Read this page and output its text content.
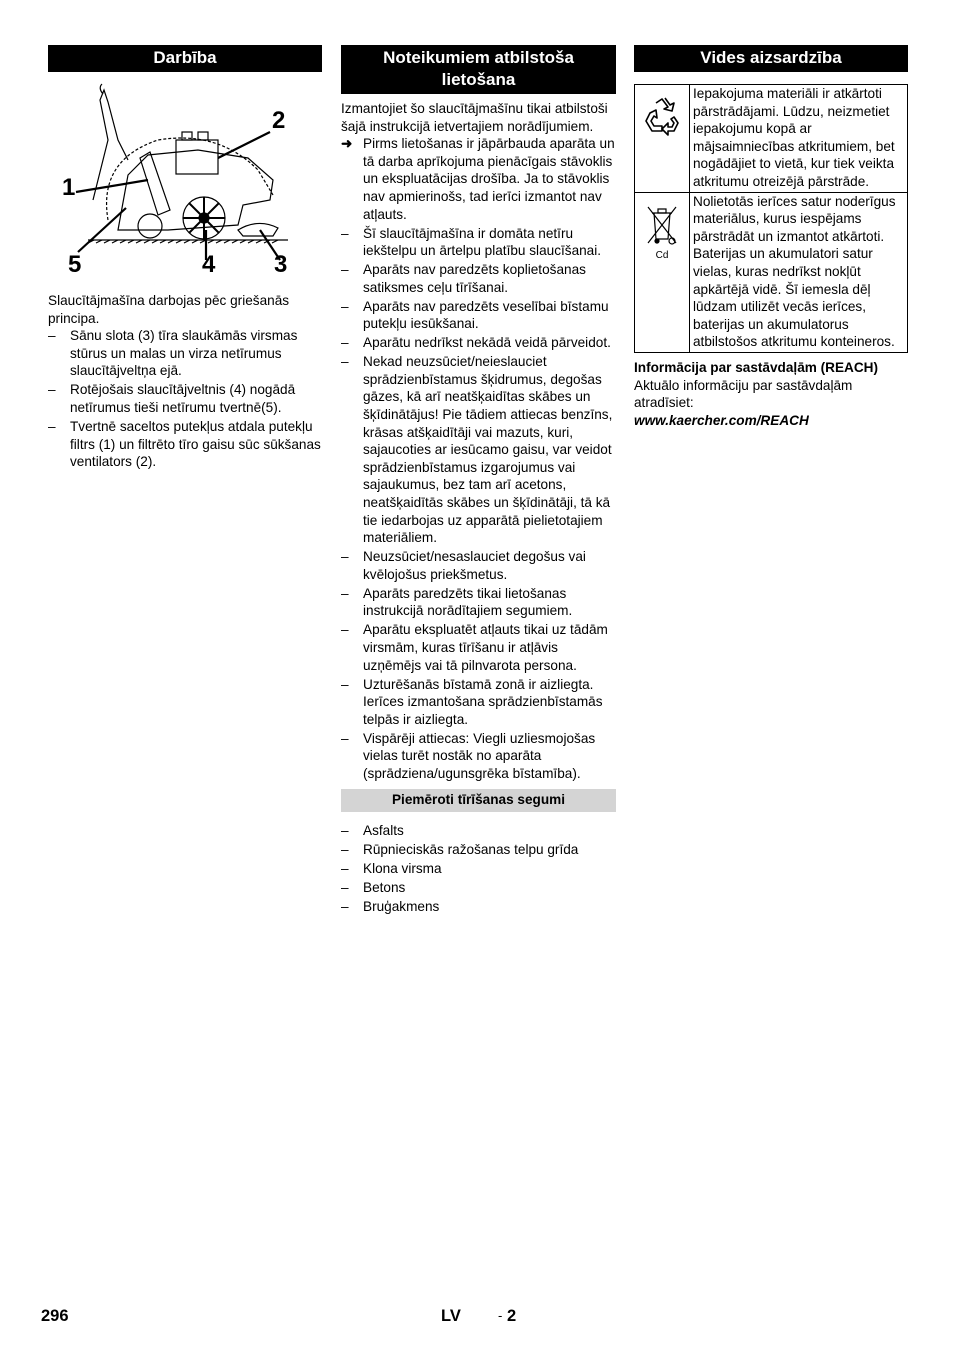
Darbība
1
2
3
4
5

Slaucītājmašīna darbojas pēc griešanās principa.

–	Sānu slota (3) tīra slaukāmās virsmas stūrus un malas un virza netīrumus slaucītājveltņa ejā.
–	Rotējošais slaucītājveltnis (4) nogādā netīrumus tieši netīrumu tvertnē(5).
–	Tvertnē saceltos putekļus atdala putekļu filtrs (1) un filtrēto tīro gaisu sūc sūkšanas ventilators (2).
Noteikumiem atbilstoša lietošana

Izmantojiet šo slaucītājmašīnu tikai atbilstoši šajā instrukcijā ietvertajiem norādījumiem.

➜ Pirms lietošanas ir jāpārbauda aparāta un tā darba aprīkojuma pienācīgais stāvoklis un ekspluatācijas drošība. Ja to stāvoklis nav apmierinošs, tad ierīci izmantot nav atļauts.
–	Šī slaucītājmašīna ir domāta netīru iekštelpu un ārtelpu platību slaucīšanai.
–	Aparāts nav paredzēts koplietošanas satiksmes ceļu tīrīšanai.
–	Aparāts nav paredzēts veselībai bīstamu putekļu iesūkšanai.
–	Aparātu nedrīkst nekādā veidā pārveidot.
–	Nekad neuzsūciet/neieslauciet sprādzienbīstamus šķidrumus, degošas gāzes, kā arī neatšķaidītas skābes un šķīdinātājus! Pie tādiem attiecas benzīns, krāsas atšķaidītāji vai mazuts, kuri, sajaucoties ar iesūcamo gaisu, var veidot sprādzienbīstamus izgarojumus vai sajaukumus, bez tam arī acetons, neatšķaidītās skābes un šķīdinātāji, tā kā tie iedarbojas uz apparātā pielietotajiem materiāliem.
–	Neuzsūciet/nesaslauciet degošus vai kvēlojošus priekšmetus.
–	Aparāts paredzēts tikai lietošanas instrukcijā norādītajiem segumiem.
–	Aparātu ekspluatēt atļauts tikai uz tādām virsmām, kuras tīrīšanu ir atļāvis uzņēmējs vai tā pilnvarota persona.
–	Uzturēšanās bīstamā zonā ir aizliegta. Ierīces izmantošana sprādzienbīstamās telpās ir aizliegta.
–	Vispārēji attiecas: Viegli uzliesmojošas vielas turēt nostāk no aparāta (sprādziena/ugunsgrēka bīstamība).
Piemēroti tīrīšanas segumi
–	Asfalts
–	Rūpnieciskās ražošanas telpu grīda
–	Klona virsma
–	Betons
–	Bruģakmens
Vides aizsardzība
	Iepakojuma materiāli ir atkārtoti pārstrādājami. Lūdzu, neizmetiet iepakojumu kopā ar mājsaimniecības atkritumiem, bet nogādājiet to vietā, kur tiek veikta atkritumu otreizējā pārstrāde.

Cd	Nolietotās ierīces satur noderīgus materiālus, kurus iespējams pārstrādāt un izmantot atkārtoti. Baterijas un akumulatori satur vielas, kuras nedrīkst nokļūt apkārtējā vidē. Šī iemesla dēļ lūdzam utilizēt vecās ierīces, baterijas un akumulatorus atbilstošos atkritumu konteineros.

Informācija par sastāvdaļām (REACH)

Aktuālo informāciju par sastāvdaļām atradīsiet:

www.kaercher.com/REACH

296	LV	- 2
